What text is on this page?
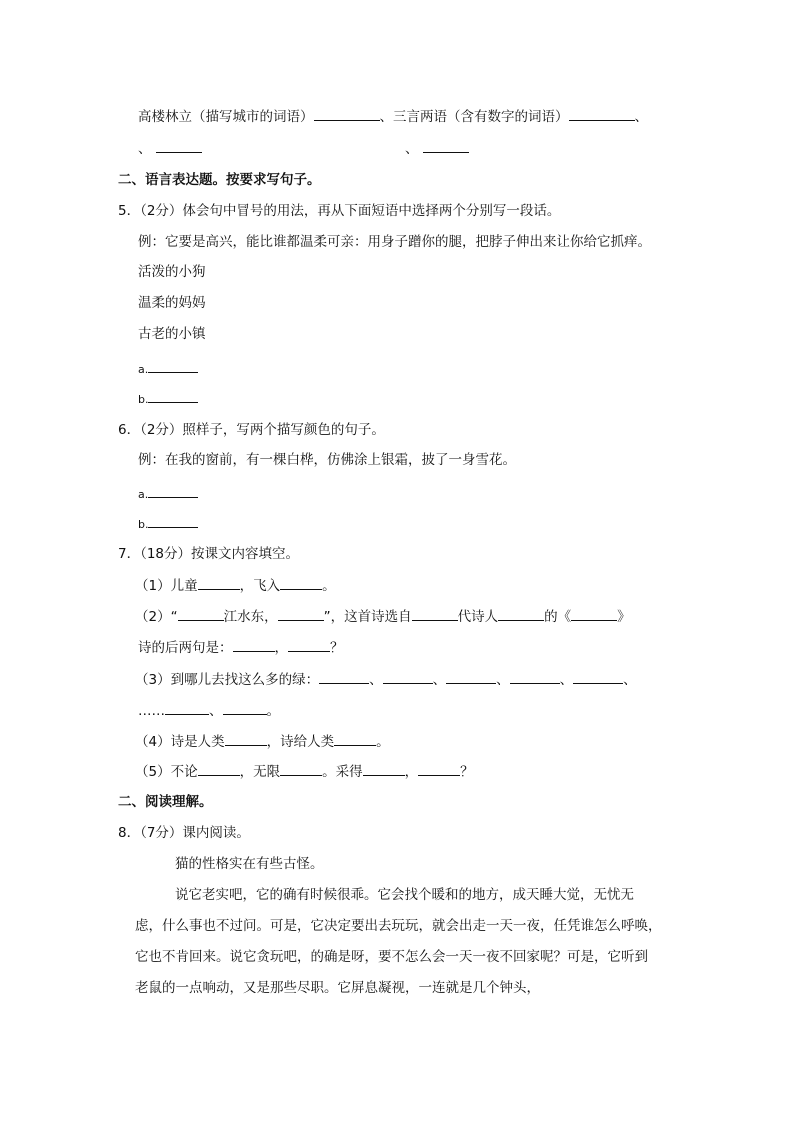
高楼林立（描写城市的词语）	、三言两语（含有数字的词语）	、
、	、
二、语言表达题。按要求写句子。
5．（2分）体会句中冒号的用法，再从下面短语中选择两个分别写一段话。
例：它要是高兴，能比谁都温柔可亲：用身子蹭你的腿，把脖子伸出来让你给它抓痒。
活泼的小狗
温柔的妈妈
古老的小镇
a.
b.
6．（2分）照样子，写两个描写颜色的句子。
例：在我的窗前，有一棵白桦，仿佛涂上银霜，披了一身雪花。
a.
b.
7．（18分）按课文内容填空。
（1）儿童	，飞入	。
（2）“	江水东，	”，这首诗选自	代诗人	的《	》
诗的后两句是：	，	？
（3）到哪儿去找这么多的绿：	、	、	、	、	、
……	、	。
（4）诗是人类	，诗给人类	。
（5）不论	，无限	。采得	，	？
二、阅读理解。
8．（7分）课内阅读。
猫的性格实在有些古怪。
说它老实吧，它的确有时候很乖。它会找个暖和的地方，成天睡大觉，无忧无
虑，什么事也不过问。可是，它决定要出去玩玩，就会出走一天一夜，任凭谁怎么呼唤，
它也不肯回来。说它贪玩吧，的确是呀，要不怎么会一天一夜不回家呢？可是，它听到
老鼠的一点响动，又是那些尽职。它屏息凝视，一连就是几个钟头，
